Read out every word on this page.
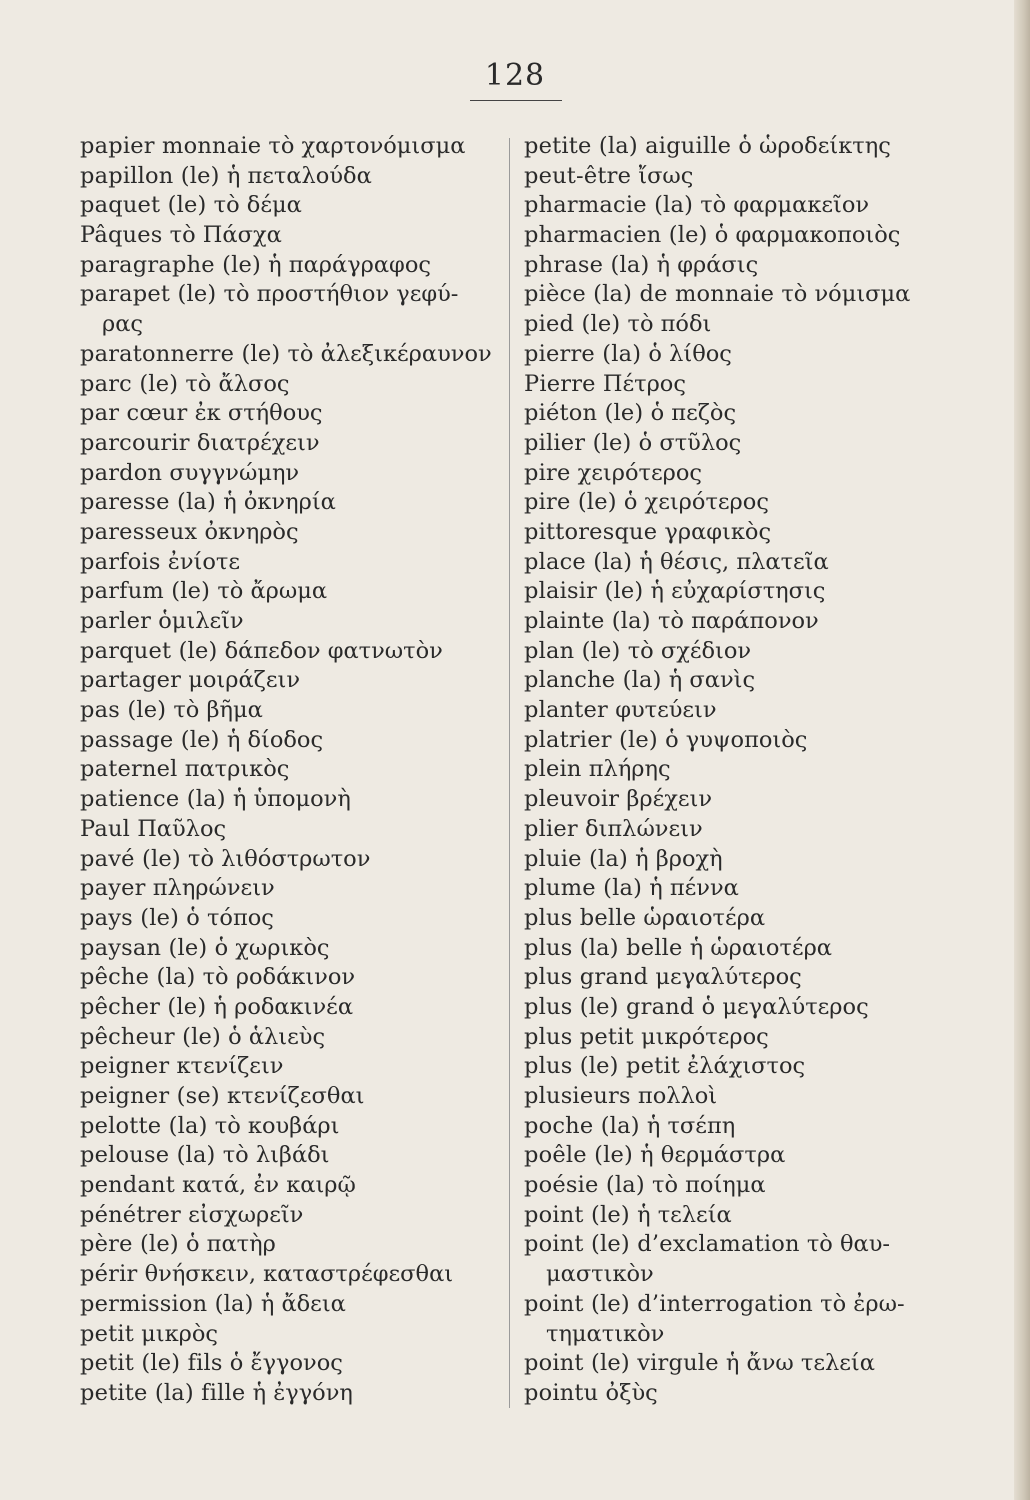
128
papier monnaie τὸ χαρτονόμισμα
papillon (le) ἡ πεταλούδα
paquet (le) τὸ δέμα
Pâques τὸ Πάσχα
paragraphe (le) ἡ παράγραφος
parapet (le) τὸ προστήθιον γεφύ-
ρας
paratonnerre (le) τὸ ἀλεξικέραυνον
parc (le) τὸ ἄλσος
par cœur ἐκ στήθους
parcourir διατρέχειν
pardon συγγνώμην
paresse (la) ἡ ὀκνηρία
paresseux ὀκνηρὸς
parfois ἐνίοτε
parfum (le) τὸ ἄρωμα
parler ὁμιλεῖν
parquet (le) δάπεδον φατνωτὸν
partager μοιράζειν
pas (le) τὸ βῆμα
passage (le) ἡ δίοδος
paternel πατρικὸς
patience (la) ἡ ὑπομονὴ
Paul Παῦλος
pavé (le) τὸ λιθόστρωτον
payer πληρώνειν
pays (le) ὁ τόπος
paysan (le) ὁ χωρικὸς
pêche (la) τὸ ροδάκινον
pêcher (le) ἡ ροδακινέα
pêcheur (le) ὁ ἁλιεὺς
peigner κτενίζειν
peigner (se) κτενίζεσθαι
pelotte (la) τὸ κουβάρι
pelouse (la) τὸ λιβάδι
pendant κατά, ἐν καιρῷ
pénétrer εἰσχωρεῖν
père (le) ὁ πατὴρ
périr θνήσκειν, καταστρέφεσθαι
permission (la) ἡ ἄδεια
petit μικρὸς
petit (le) fils ὁ ἔγγονος
petite (la) fille ἡ ἐγγόνη
petite (la) aiguille ὁ ὡροδείκτης
peut-être ἴσως
pharmacie (la) τὸ φαρμακεῖον
pharmacien (le) ὁ φαρμακοποιὸς
phrase (la) ἡ φράσις
pièce (la) de monnaie τὸ νόμισμα
pied (le) τὸ πόδι
pierre (la) ὁ λίθος
Pierre Πέτρος
piéton (le) ὁ πεζὸς
pilier (le) ὁ στῦλος
pire χειρότερος
pire (le) ὁ χειρότερος
pittoresque γραφικὸς
place (la) ἡ θέσις, πλατεῖα
plaisir (le) ἡ εὐχαρίστησις
plainte (la) τὸ παράπονον
plan (le) τὸ σχέδιον
planche (la) ἡ σανὶς
planter φυτεύειν
platrier (le) ὁ γυψοποιὸς
plein πλήρης
pleuvoir βρέχειν
plier διπλώνειν
pluie (la) ἡ βροχὴ
plume (la) ἡ πέννα
plus belle ὡραιοτέρα
plus (la) belle ἡ ὡραιοτέρα
plus grand μεγαλύτερος
plus (le) grand ὁ μεγαλύτερος
plus petit μικρότερος
plus (le) petit ἐλάχιστος
plusieurs πολλοὶ
poche (la) ἡ τσέπη
poêle (le) ἡ θερμάστρα
poésie (la) τὸ ποίημα
point (le) ἡ τελεία
point (le) d’exclamation τὸ θαυ-
μαστικὸν
point (le) d’interrogation τὸ ἐρω-
τηματικὸν
point (le) virgule ἡ ἄνω τελεία
pointu ὀξὺς
